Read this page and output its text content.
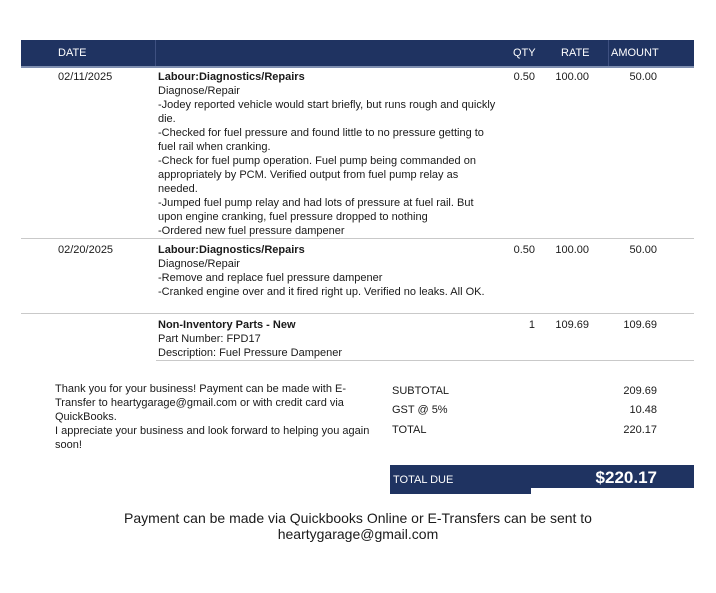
DATE	QTY RATE AMOUNT
02/11/2025	Labour:Diagnostics/Repairs
Diagnose/Repair
-Jodey reported vehicle would start briefly, but runs rough and quickly die.
-Checked for fuel pressure and found little to no pressure getting to fuel rail when cranking.
-Check for fuel pump operation. Fuel pump being commanded on appropriately by PCM. Verified output from fuel pump relay as needed.
-Jumped fuel pump relay and had lots of pressure at fuel rail. But upon engine cranking, fuel pressure dropped to nothing
-Ordered new fuel pressure dampener
0.50	100.00	50.00
02/20/2025	Labour:Diagnostics/Repairs
Diagnose/Repair
-Remove and replace fuel pressure dampener
-Cranked engine over and it fired right up. Verified no leaks. All OK.
0.50	100.00	50.00
Non-Inventory Parts - New
Part Number: FPD17
Description: Fuel Pressure Dampener
1	109.69	109.69
Thank you for your business! Payment can be made with E-Transfer to heartygarage@gmail.com or with credit card via QuickBooks.
I appreciate your business and look forward to helping you again soon!
SUBTOTAL	209.69
GST @ 5%	10.48
TOTAL	220.17
TOTAL DUE	$220.17
Payment can be made via Quickbooks Online or E-Transfers can be sent to heartygarage@gmail.com
